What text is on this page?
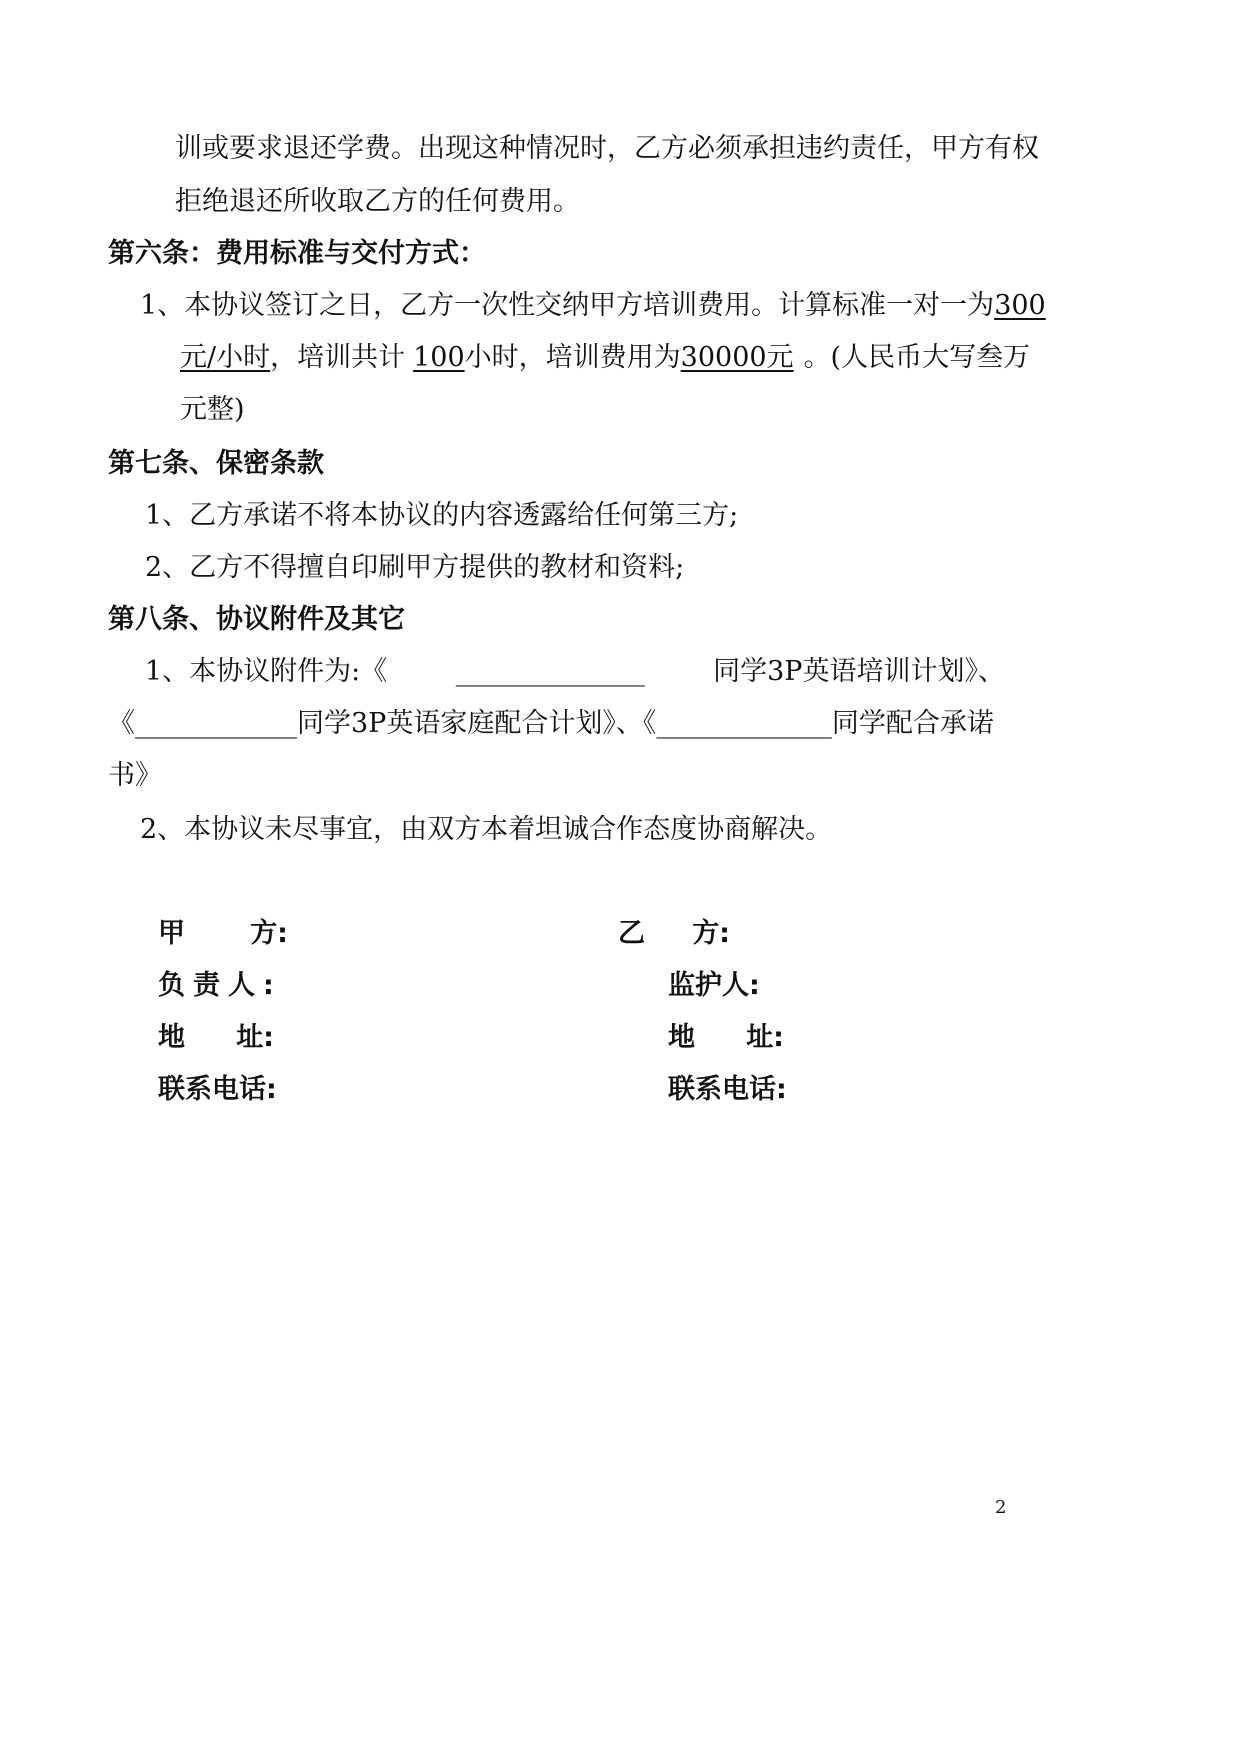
训或要求退还学费。出现这种情况时，乙方必须承担违约责任，甲方有权
拒绝退还所收取乙方的任何费用。
第六条：费用标准与交付方式：
1、本协议签订之日，乙方一次性交纳甲方培训费用。计算标准一对一为300
元/小时，培训共计 100小时，培训费用为30000元 。(人民币大写叁万
元整)
第七条、保密条款
1、乙方承诺不将本协议的内容透露给任何第三方;
2、乙方不得擅自印刷甲方提供的教材和资料;
第八条、协议附件及其它
1、本协议附件为:《	______________	同学3P英语培训计划》、
《____________同学3P英语家庭配合计划》、《_____________同学配合承诺
书》
2、本协议未尽事宜，由双方本着坦诚合作态度协商解决。
甲 方:
负责人:
地 址:
联系电话:
乙 方:
监护人:
地 址:
联系电话:
2
